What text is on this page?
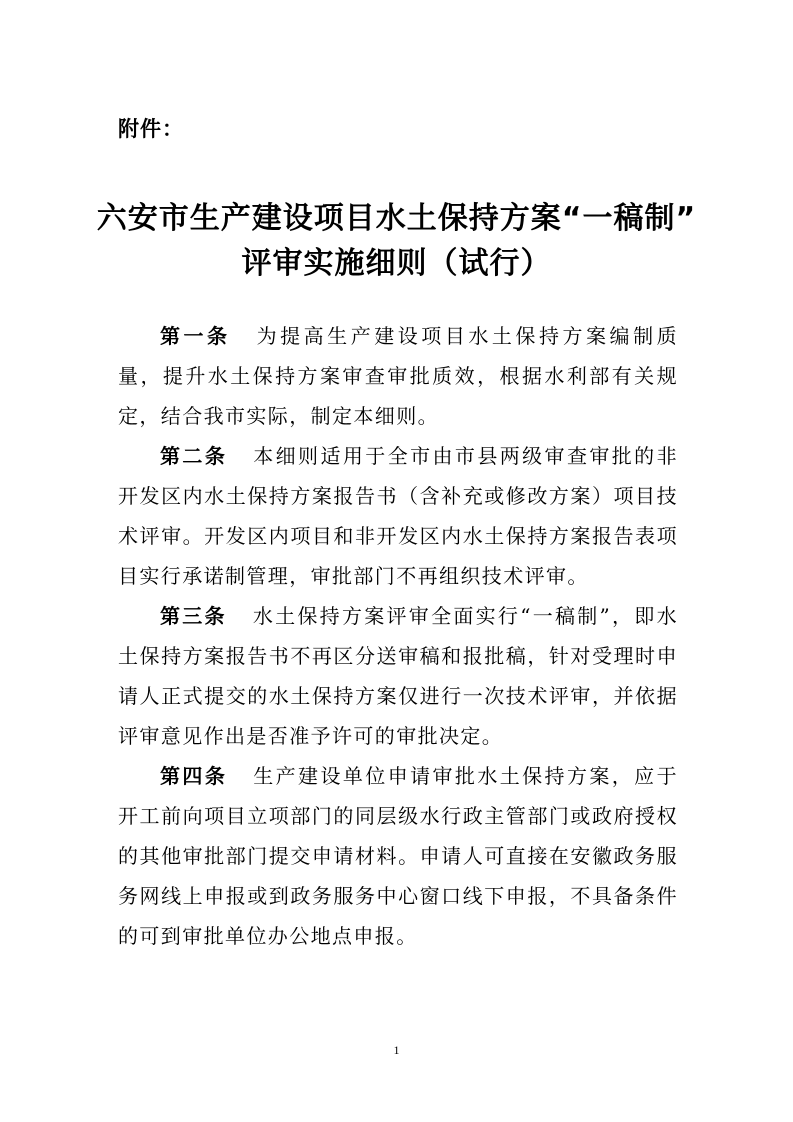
附件：
六安市生产建设项目水土保持方案“一稿制”
评审实施细则（试行）

第一条 为提高生产建设项目水土保持方案编制质量，提升水土保持方案审查审批质效，根据水利部有关规定，结合我市实际，制定本细则。

第二条 本细则适用于全市由市县两级审查审批的非开发区内水土保持方案报告书（含补充或修改方案）项目技术评审。开发区内项目和非开发区内水土保持方案报告表项目实行承诺制管理，审批部门不再组织技术评审。

第三条 水土保持方案评审全面实行“一稿制”，即水土保持方案报告书不再区分送审稿和报批稿，针对受理时申请人正式提交的水土保持方案仅进行一次技术评审，并依据评审意见作出是否准予许可的审批决定。

第四条 生产建设单位申请审批水土保持方案，应于开工前向项目立项部门的同层级水行政主管部门或政府授权的其他审批部门提交申请材料。申请人可直接在安徽政务服务网线上申报或到政务服务中心窗口线下申报，不具备条件的可到审批单位办公地点申报。

1
